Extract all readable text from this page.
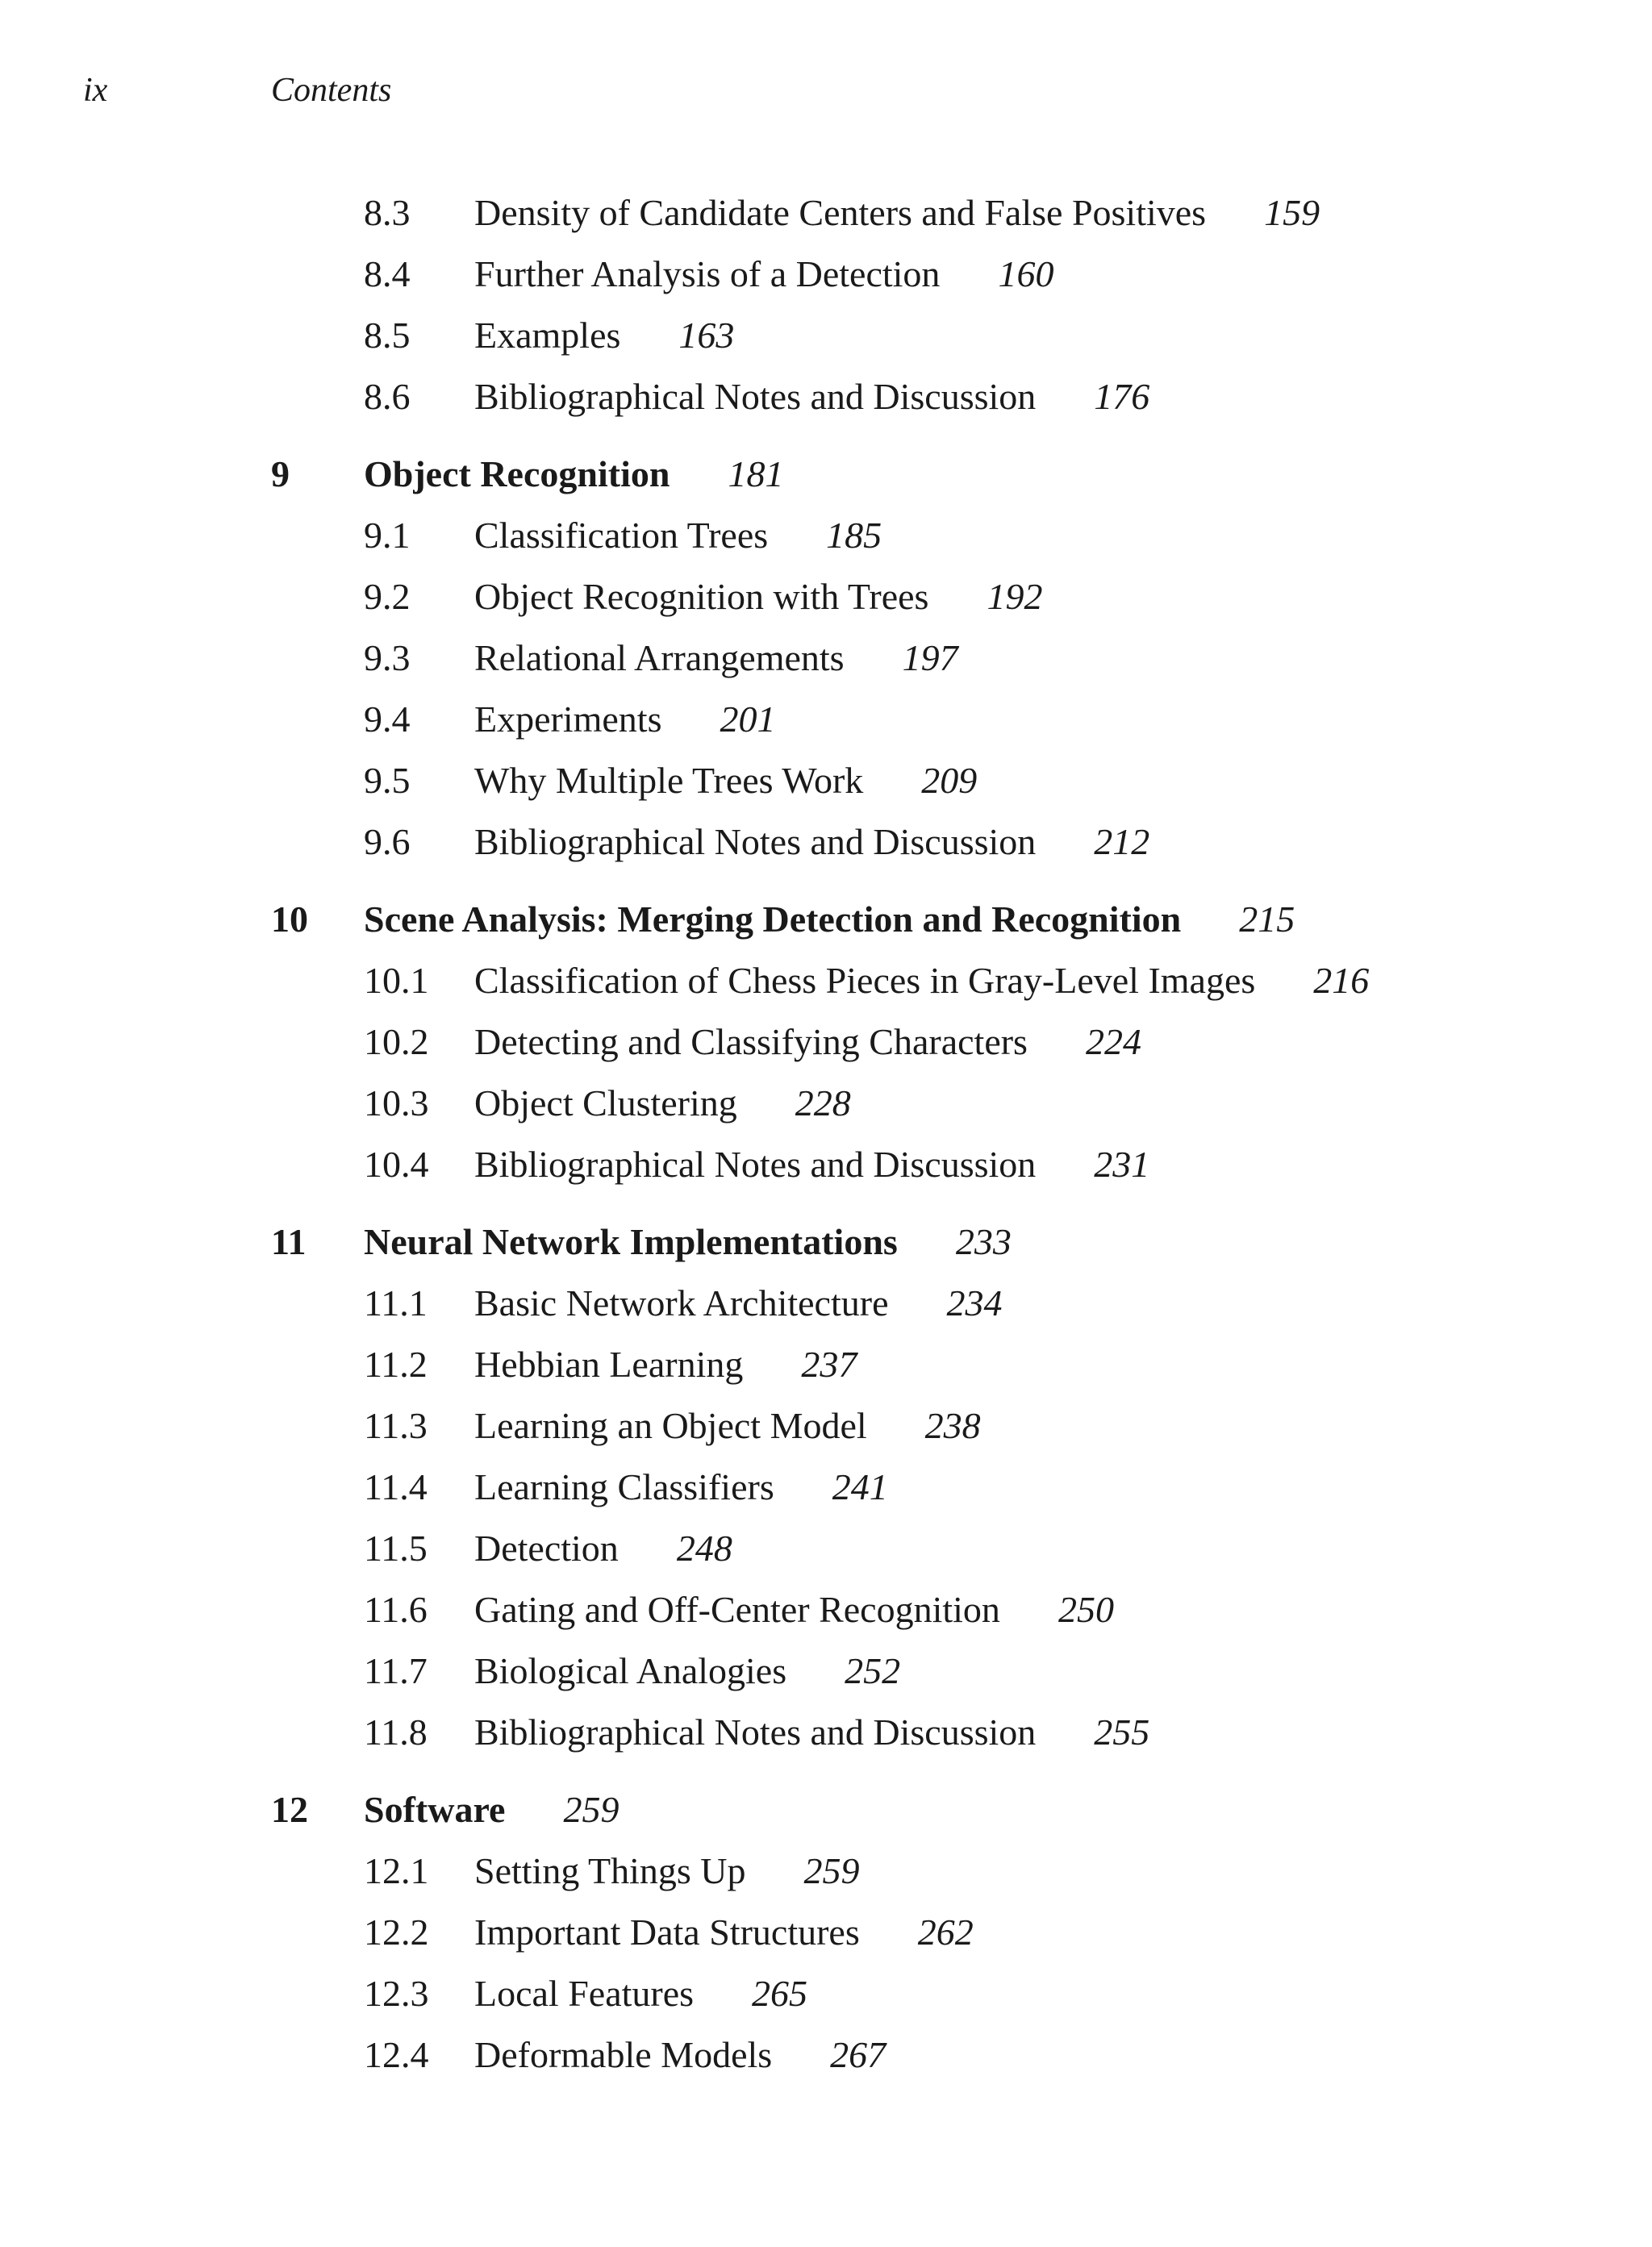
ix	Contents
8.3 Density of Candidate Centers and False Positives 159
8.4 Further Analysis of a Detection 160
8.5 Examples 163
8.6 Bibliographical Notes and Discussion 176
9 Object Recognition 181
9.1 Classification Trees 185
9.2 Object Recognition with Trees 192
9.3 Relational Arrangements 197
9.4 Experiments 201
9.5 Why Multiple Trees Work 209
9.6 Bibliographical Notes and Discussion 212
10 Scene Analysis: Merging Detection and Recognition 215
10.1 Classification of Chess Pieces in Gray-Level Images 216
10.2 Detecting and Classifying Characters 224
10.3 Object Clustering 228
10.4 Bibliographical Notes and Discussion 231
11 Neural Network Implementations 233
11.1 Basic Network Architecture 234
11.2 Hebbian Learning 237
11.3 Learning an Object Model 238
11.4 Learning Classifiers 241
11.5 Detection 248
11.6 Gating and Off-Center Recognition 250
11.7 Biological Analogies 252
11.8 Bibliographical Notes and Discussion 255
12 Software 259
12.1 Setting Things Up 259
12.2 Important Data Structures 262
12.3 Local Features 265
12.4 Deformable Models 267
